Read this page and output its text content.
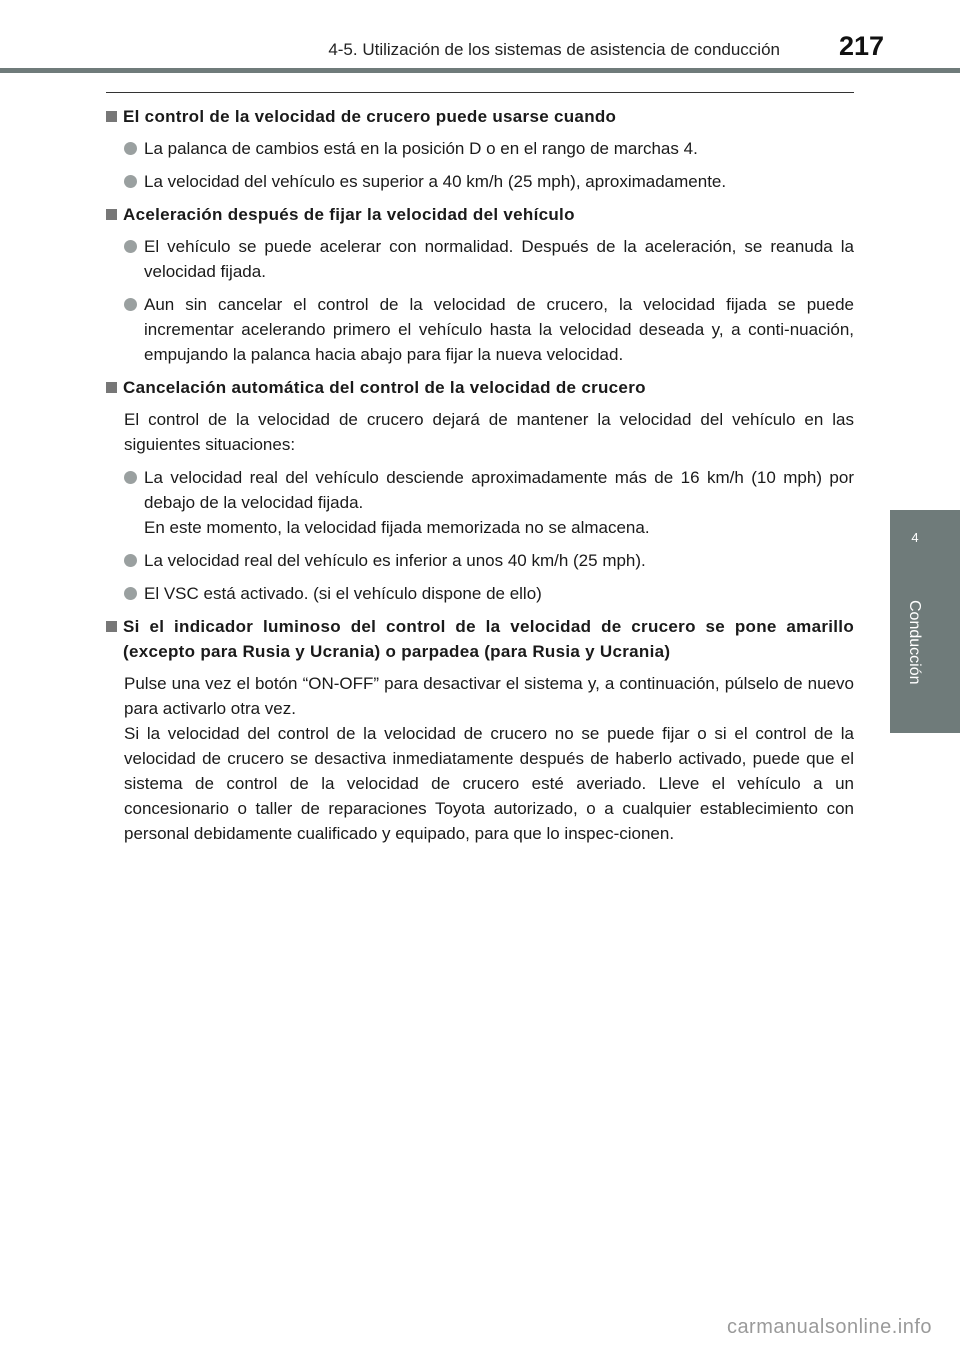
4-5. Utilización de los sistemas de asistencia de conducción 217
4
Conducción
El control de la velocidad de crucero puede usarse cuando
La palanca de cambios está en la posición D o en el rango de marchas 4.
La velocidad del vehículo es superior a 40 km/h (25 mph), aproximadamente.
Aceleración después de fijar la velocidad del vehículo
El vehículo se puede acelerar con normalidad. Después de la aceleración, se reanuda la velocidad fijada.
Aun sin cancelar el control de la velocidad de crucero, la velocidad fijada se puede incrementar acelerando primero el vehículo hasta la velocidad deseada y, a conti-nuación, empujando la palanca hacia abajo para fijar la nueva velocidad.
Cancelación automática del control de la velocidad de crucero
El control de la velocidad de crucero dejará de mantener la velocidad del vehículo en las siguientes situaciones:
La velocidad real del vehículo desciende aproximadamente más de 16 km/h (10 mph) por debajo de la velocidad fijada.
En este momento, la velocidad fijada memorizada no se almacena.
La velocidad real del vehículo es inferior a unos 40 km/h (25 mph).
El VSC está activado. (si el vehículo dispone de ello)
Si el indicador luminoso del control de la velocidad de crucero se pone amarillo (excepto para Rusia y Ucrania) o parpadea (para Rusia y Ucrania)
Pulse una vez el botón “ON-OFF” para desactivar el sistema y, a continuación, púlselo de nuevo para activarlo otra vez.
Si la velocidad del control de la velocidad de crucero no se puede fijar o si el control de la velocidad de crucero se desactiva inmediatamente después de haberlo activado, puede que el sistema de control de la velocidad de crucero esté averiado. Lleve el vehículo a un concesionario o taller de reparaciones Toyota autorizado, o a cualquier establecimiento con personal debidamente cualificado y equipado, para que lo inspec-cionen.
carmanualsonline.info
